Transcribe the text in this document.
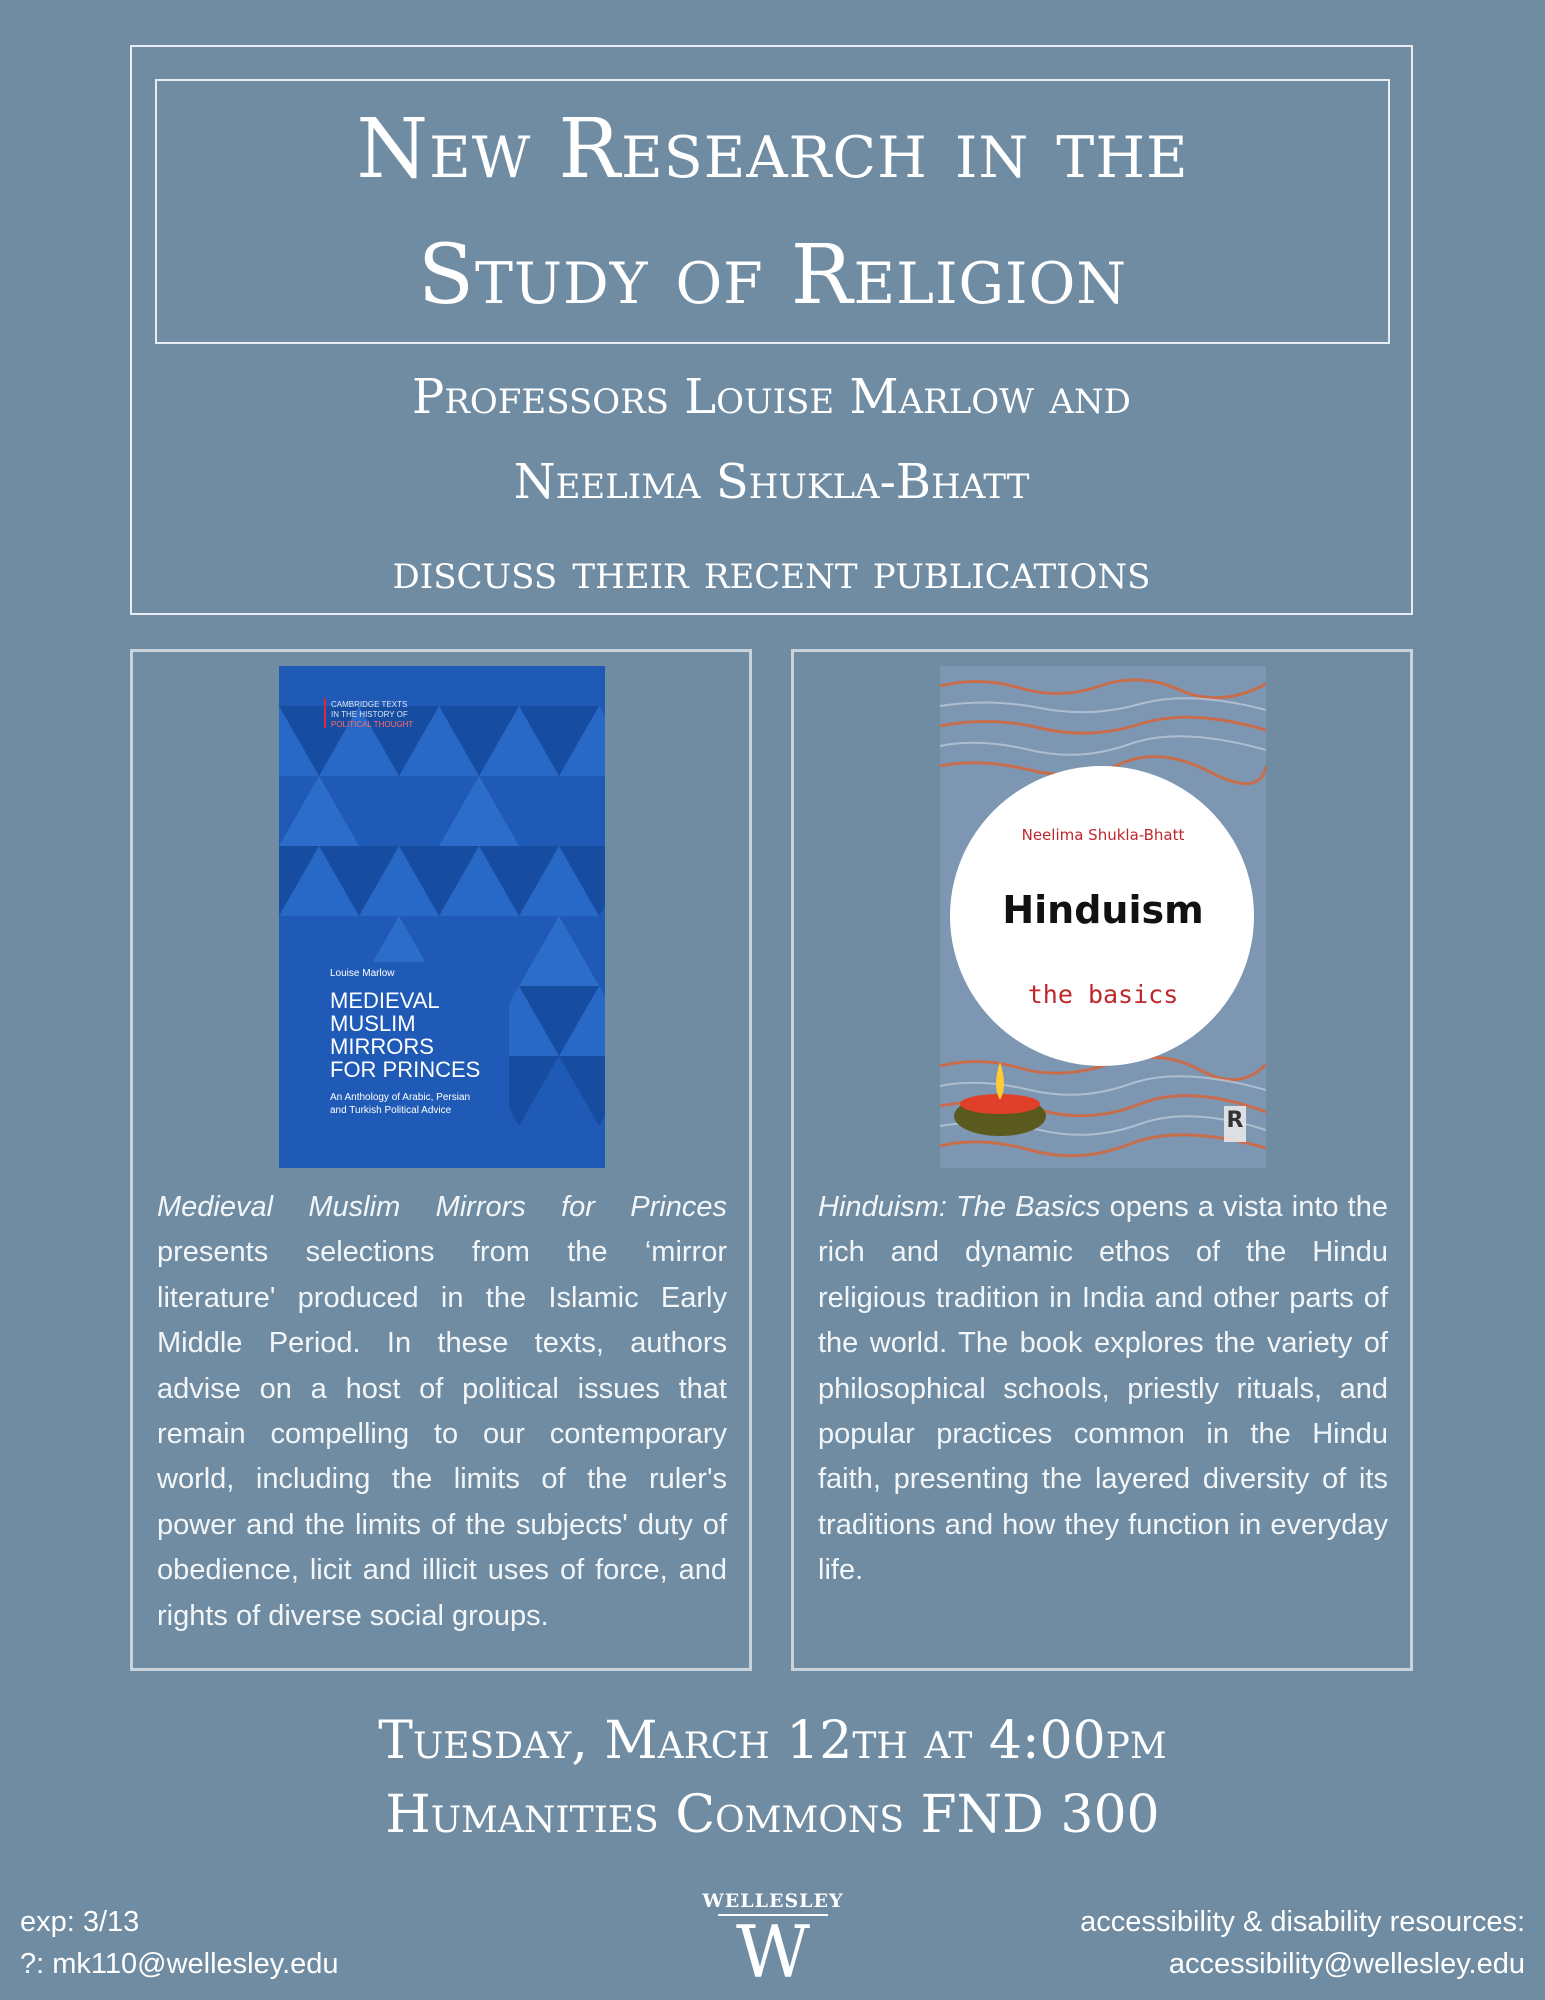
New Research in the
Study of Religion
Professors Louise Marlow and
Neelima Shukla-Bhatt
discuss their recent publications
CAMBRIDGE TEXTS
IN THE HISTORY OF
POLITICAL THOUGHT
Louise Marlow
MEDIEVAL
MUSLIM
MIRRORS
FOR PRINCES
An Anthology of Arabic, Persian
and Turkish Political Advice
Medieval Muslim Mirrors for Princes presents selections from the ‘mirror literature' produced in the Islamic Early Middle Period. In these texts, authors advise on a host of political issues that remain compelling to our contemporary world, including the limits of the ruler's power and the limits of the subjects' duty of obedience, licit and illicit uses of force, and rights of diverse social groups.
Neelima Shukla-Bhatt
Hinduism
the basics
R
Hinduism: The Basics opens a vista into the rich and dynamic ethos of the Hindu religious tradition in India and other parts of the world. The book explores the variety of philosophical schools, priestly rituals, and popular practices common in the Hindu faith, presenting the layered diversity of its traditions and how they function in everyday life.
Tuesday, March 12th at 4:00pm
Humanities Commons FND 300
exp: 3/13
?: mk110@wellesley.edu
WELLESLEY
W	accessibility & disability resources:
accessibility@wellesley.edu
